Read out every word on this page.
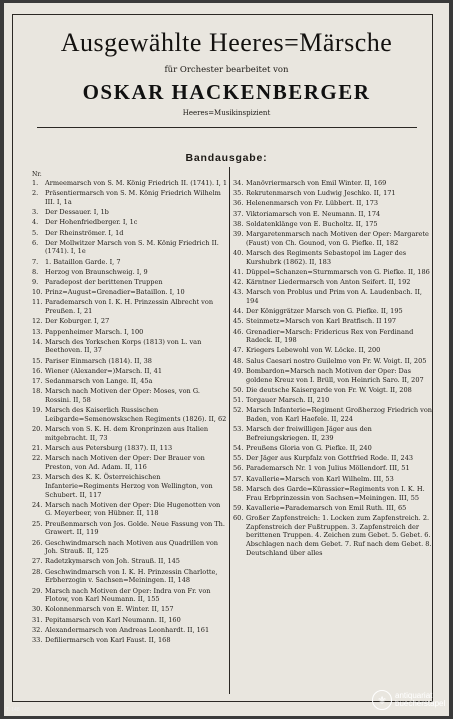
Ausgewählte Heeres=Märsche
für Orchester bearbeitet von
OSKAR HACKENBERGER
Heeres=Musikinspizient
Bandausgabe:
Nr.
1.	Armeemarsch von S. M. König Friedrich II. (1741). I, 1
2.	Präsentiermarsch von S. M. König Friedrich Wilhelm III. I, 1a
3.	Der Dessauer. I, 1b
4.	Der Hohenfriedberger. I, 1c
5.	Der Rheinströmer. I, 1d
6.	Der Mollwitzer Marsch von S. M. König Friedrich II. (1741). I, 1e
7.	1. Bataillon Garde. I, 7
8.	Herzog von Braunschweig. I, 9
9.	Paradepost der berittenen Truppen
10. Prinz=August=Grenadier=Bataillon. I, 10
11. Parademarsch von I. K. H. Prinzessin Albrecht von Preußen. I, 21
12. Der Koburger. I, 27
13. Pappenheimer Marsch. I, 100
14. Marsch des Yorkschen Korps (1813) von L. van Beethoven. II, 37
15. Pariser Einmarsch (1814). II, 38
16. Wiener (Alexander=)Marsch. II, 41
17. Sedanmarsch von Lange. II, 45a
18. Marsch nach Motiven der Oper: Moses, von G. Rossini. II, 58
19. Marsch des Kaiserlich Russischen Leibgarde=Semenowskschen Regiments (1826). II, 62
20. Marsch von S. K. H. dem Kronprinzen aus Italien mitgebracht. II, 73
21. Marsch aus Petersburg (1837). II, 113
22. Marsch nach Motiven der Oper: Der Brauer von Preston, von Ad. Adam. II, 116
23. Marsch des K. K. Österreichischen Infanterie=Regiments Herzog von Wellington, von Schubert. II, 117
24. Marsch nach Motiven der Oper: Die Hugenotten von G. Meyerbeer, von Hübner. II, 118
25. Preußenmarsch von Jos. Golde. Neue Fassung von Th. Grawert. II, 119
26. Geschwindmarsch nach Motiven aus Quadrillen von Joh. Strauß. II, 125
27. Radetzkymarsch von Joh. Strauß. II, 145
28. Geschwindmarsch von I. K. H. Prinzessin Charlotte, Erbherzogin v. Sachsen=Meiningen. II, 148
29. Marsch nach Motiven der Oper: Indra von Fr. von Flotow, von Karl Neumann. II, 155
30. Kolonnenmarsch von E. Winter. II, 157
31. Pepitamarsch von Karl Neumann. II, 160
32. Alexandermarsch von Andreas Leonhardt. II, 161
33. Defiliermarsch von Karl Faust. II, 168
34. Manövriermarsch von Emil Winter. II, 169
35. Rekrutenmarsch von Ludwig Jeschko. II, 171
36. Helenenmarsch von Fr. Lübbert. II, 173
37. Viktoriamarsch von E. Neumann. II, 174
38. Soldatenklänge von E. Bucholtz. II, 175
39. Margaretenmarsch nach Motiven der Oper: Margarete (Faust) von Ch. Gounod, von G. Piefke. II, 182
40. Marsch des Regiments Sebastopol im Lager des Kurshubrk (1862). II, 183
41. Düppel=Schanzen=Sturmmarsch von G. Piefke. II, 186
42. Kärntner Liedermarsch von Anton Seifert. II, 192
43. Marsch von Problus und Prim von A. Laudenbach. II, 194
44. Der Königgrätzer Marsch von G. Piefke. II, 195
45. Steinmetz=Marsch von Karl Bratfisch. II 197
46. Grenadier=Marsch: Fridericus Rex von Ferdinand Radeck. II, 198
47. Kriegers Lebewohl von W. Löcke. II, 200
48. Salus Caesari nostro Guilelmo von Fr. W. Voigt. II, 205
49. Bombardon=Marsch nach Motiven der Oper: Das goldene Kreuz von I. Brüll, von Heinrich Saro. II, 207
50. Die deutsche Kaisergarde von Fr. W. Voigt. II, 208
51. Torgauer Marsch. II, 210
52. Marsch Infanterie=Regiment Großherzog Friedrich von Baden, von Karl Haefele. II, 224
53. Marsch der freiwilligen Jäger aus den Befreiungskriegen. II, 239
54. Preußens Gloria von G. Piefke. II, 240
55. Der Jäger aus Kurpfalz von Gottfried Rode. II, 243
56. Parademarsch Nr. 1 von Julius Möllendorf. III, 51
57. Kavallerie=Marsch von Karl Wilhelm. III, 53
58. Marsch des Garde=Kürassier=Regiments von I. K. H. Frau Erbprinzessin von Sachsen=Meiningen. III, 55
59. Kavallerie=Parademarsch von Emil Ruth. III, 65
60. Großer Zapfenstreich: 1. Locken zum Zapfenstreich. 2. Zapfenstreich der Fußtruppen. 3. Zapfenstreich der berittenen Truppen. 4. Zeichen zum Gebet. 5. Gebet. 6. Abschlagen nach dem Gebet. 7. Ruf nach dem Gebet. 8. Deutschland über alles
T. 148
⚜	antiquariat
buecherstapel
